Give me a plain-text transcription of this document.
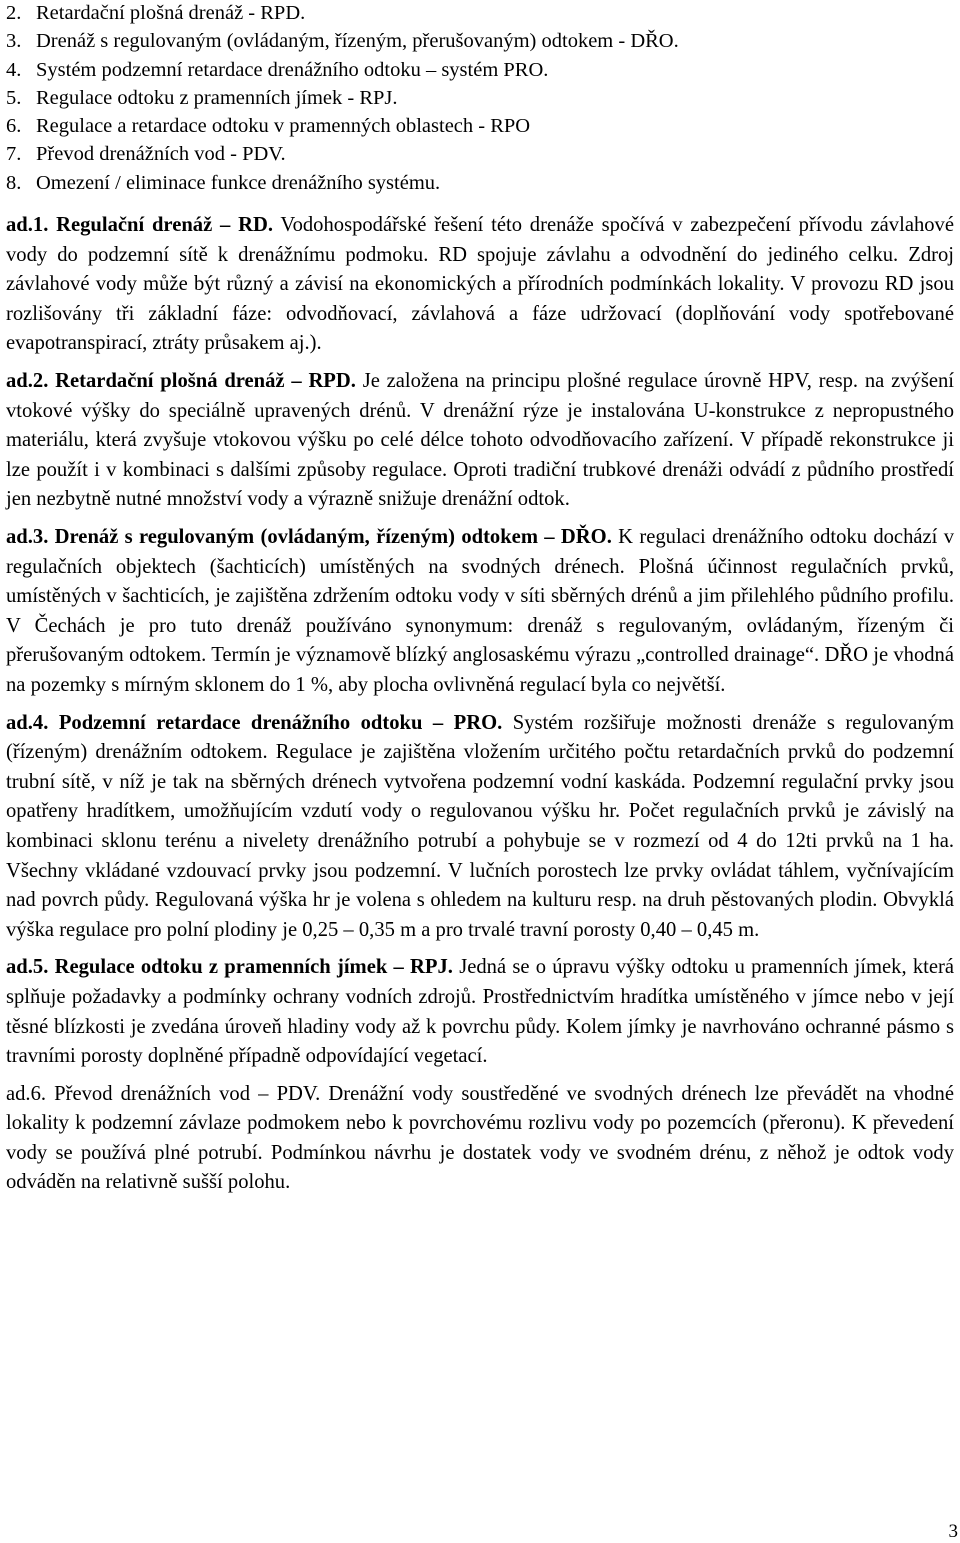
2. Retardační plošná drenáž - RPD.
3. Drenáž s regulovaným (ovládaným, řízeným, přerušovaným) odtokem - DŘO.
4. Systém podzemní retardace drenážního odtoku – systém PRO.
5. Regulace odtoku z pramenních jímek - RPJ.
6. Regulace a retardace odtoku v pramenných oblastech - RPO
7. Převod drenážních vod - PDV.
8. Omezení / eliminace funkce drenážního systému.

ad.1. Regulační drenáž – RD. Vodohospodářské řešení této drenáže spočívá v zabezpečení přívodu závlahové vody do podzemní sítě k drenážnímu podmoku. RD spojuje závlahu a odvodnění do jediného celku. Zdroj závlahové vody může být různý a závisí na ekonomických a přírodních podmínkách lokality. V provozu RD jsou rozlišovány tři základní fáze: odvodňovací, závlahová a fáze udržovací (doplňování vody spotřebované evapotranspirací, ztráty průsakem aj.).

ad.2. Retardační plošná drenáž – RPD. Je založena na principu plošné regulace úrovně HPV, resp. na zvýšení vtokové výšky do speciálně upravených drénů. V drenážní rýze je instalována U-konstrukce z nepropustného materiálu, která zvyšuje vtokovou výšku po celé délce tohoto odvodňovacího zařízení. V případě rekonstrukce ji lze použít i v kombinaci s dalšími způsoby regulace. Oproti tradiční trubkové drenáži odvádí z půdního prostředí jen nezbytně nutné množství vody a výrazně snižuje drenážní odtok.

ad.3. Drenáž s regulovaným (ovládaným, řízeným) odtokem – DŘO. K regulaci drenážního odtoku dochází v regulačních objektech (šachticích) umístěných na svodných drénech. Plošná účinnost regulačních prvků, umístěných v šachticích, je zajištěna zdržením odtoku vody v síti sběrných drénů a jim přilehlého půdního profilu. V Čechách je pro tuto drenáž používáno synonymum: drenáž s regulovaným, ovládaným, řízeným či přerušovaným odtokem. Termín je významově blízký anglosaskému výrazu „controlled drainage“. DŘO je vhodná na pozemky s mírným sklonem do 1 %, aby plocha ovlivněná regulací byla co největší.

ad.4. Podzemní retardace drenážního odtoku – PRO. Systém rozšiřuje možnosti drenáže s regulovaným (řízeným) drenážním odtokem. Regulace je zajištěna vložením určitého počtu retardačních prvků do podzemní trubní sítě, v níž je tak na sběrných drénech vytvořena podzemní vodní kaskáda. Podzemní regulační prvky jsou opatřeny hradítkem, umožňujícím vzdutí vody o regulovanou výšku hr. Počet regulačních prvků je závislý na kombinaci sklonu terénu a nivelety drenážního potrubí a pohybuje se v rozmezí od 4 do 12ti prvků na 1 ha. Všechny vkládané vzdouvací prvky jsou podzemní. V lučních porostech lze prvky ovládat táhlem, vyčnívajícím nad povrch půdy. Regulovaná výška hr je volena s ohledem na kulturu resp. na druh pěstovaných plodin. Obvyklá výška regulace pro polní plodiny je 0,25 – 0,35 m a pro trvalé travní porosty 0,40 – 0,45 m.

ad.5. Regulace odtoku z pramenních jímek – RPJ. Jedná se o úpravu výšky odtoku u pramenních jímek, která splňuje požadavky a podmínky ochrany vodních zdrojů. Prostřednictvím hradítka umístěného v jímce nebo v její těsné blízkosti je zvedána úroveň hladiny vody až k povrchu půdy. Kolem jímky je navrhováno ochranné pásmo s travními porosty doplněné případně odpovídající vegetací.

ad.6. Převod drenážních vod – PDV. Drenážní vody soustředěné ve svodných drénech lze převádět na vhodné lokality k podzemní závlaze podmokem nebo k povrchovému rozlivu vody po pozemcích (přeronu). K převedení vody se používá plné potrubí. Podmínkou návrhu je dostatek vody ve svodném drénu, z něhož je odtok vody odváděn na relativně sušší polohu.

3
